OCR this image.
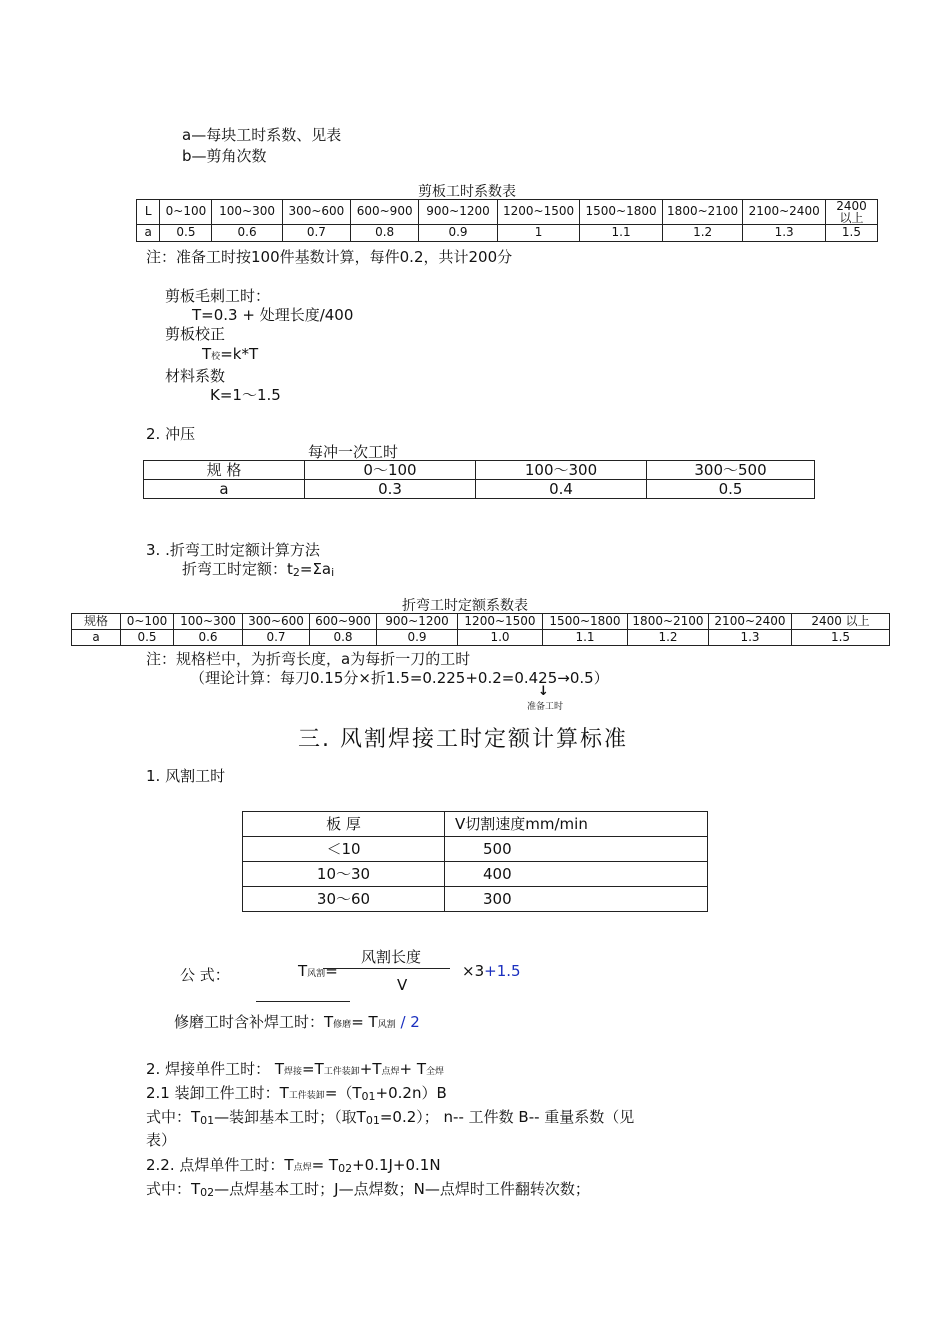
a—每块工时系数、见表
b—剪角次数
剪板工时系数表
L	0~100	100~300	300~600	600~900	900~1200	1200~1500	1500~1800	1800~2100	2100~2400	2400
以上

a	0.5	0.6	0.7	0.8	0.9	1	1.1	1.2	1.3	1.5
注：准备工时按100件基数计算，每件0.2，共计200分
剪板毛刺工时：
T=0.3 + 处理长度/400
剪板校正
T校=k*T
材料系数
K=1～1.5
2. 冲压
每冲一次工时
规 格	0～100	100～300	300～500
a	0.3	0.4	0.5
3. .折弯工时定额计算方法
折弯工时定额：t2=Σai
折弯工时定额系数表
规格	0~100	100~300	300~600	600~900	900~1200	1200~1500	1500~1800	1800~2100	2100~2400	2400 以上
a	0.5	0.6	0.7	0.8	0.9	1.0	1.1	1.2	1.3	1.5
注：规格栏中，为折弯长度，a为每折一刀的工时
（理论计算：每刀0.15分×折1.5=0.225+0.2=0.425→0.5）
↓
准备工时
三. 风割焊接工时定额计算标准
1. 风割工时
板 厚	V切割速度mm/min
＜10	500
10～30	400
30～60	300
公 式：	T风割=
风割长度
V
×3+1.5
修磨工时含补焊工时：T修磨= T风割 / 2
2. 焊接单件工时： T焊接=T工件装卸+T点焊+ T全焊
2.1 装卸工件工时：T工件装卸=（T01+0.2n）B
式中：T01—装卸基本工时；（取T01=0.2）； n-- 工件数 B-- 重量系数（见
表）
2.2. 点焊单件工时：T点焊= T02+0.1J+0.1N
式中：T02—点焊基本工时；J—点焊数；N—点焊时工件翻转次数；
